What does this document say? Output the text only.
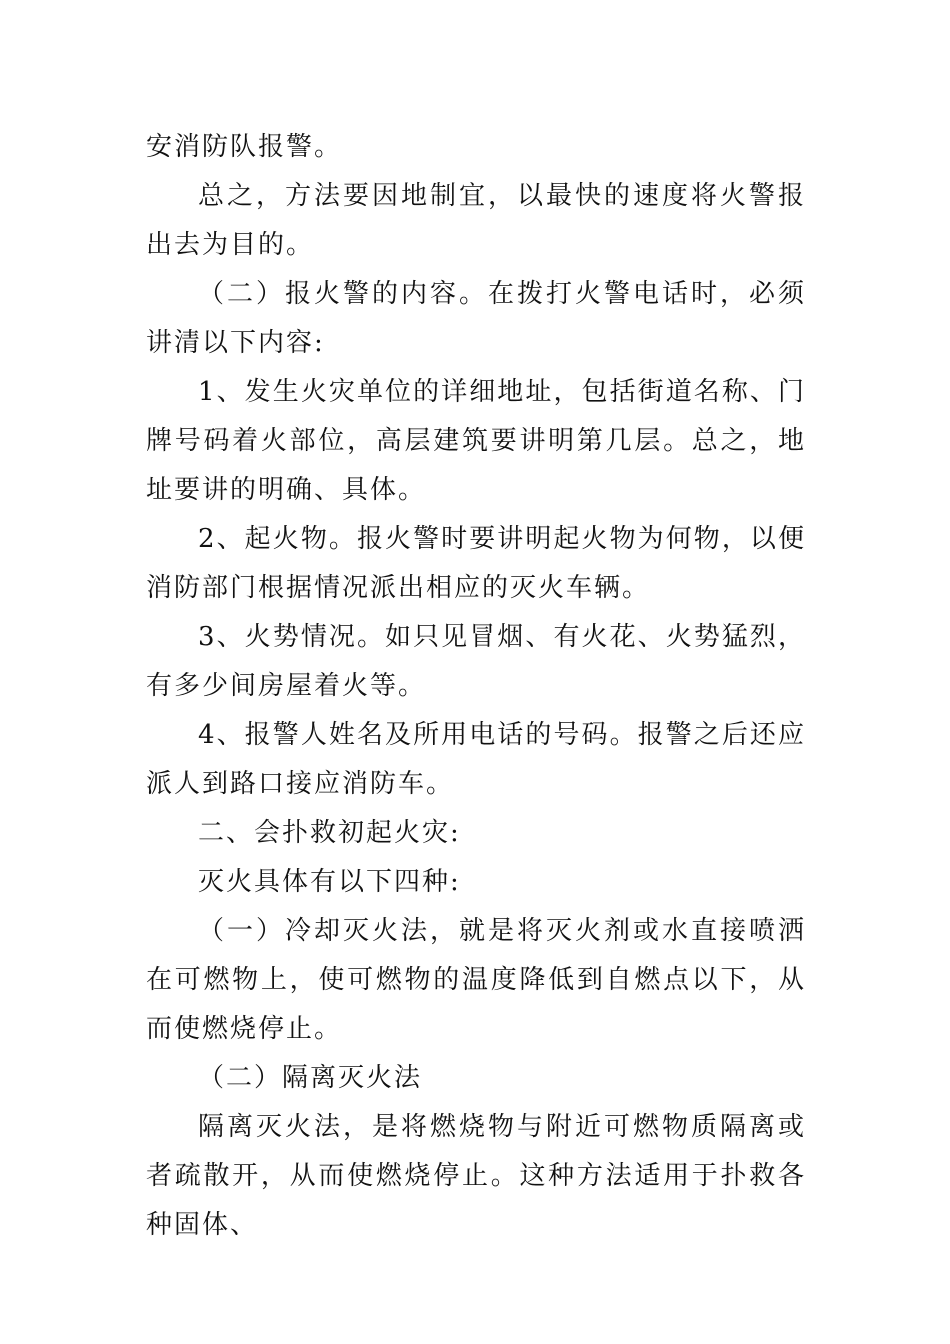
安消防队报警。

总之，方法要因地制宜，以最快的速度将火警报出去为目的。

（二）报火警的内容。在拨打火警电话时，必须讲清以下内容:

1、发生火灾单位的详细地址，包括街道名称、门牌号码着火部位，高层建筑要讲明第几层。总之，地址要讲的明确、具体。

2、起火物。报火警时要讲明起火物为何物，以便消防部门根据情况派出相应的灭火车辆。

3、火势情况。如只见冒烟、有火花、火势猛烈，有多少间房屋着火等。

4、报警人姓名及所用电话的号码。报警之后还应派人到路口接应消防车。

二、会扑救初起火灾:

灭火具体有以下四种:

（一）冷却灭火法，就是将灭火剂或水直接喷洒在可燃物上，使可燃物的温度降低到自燃点以下，从而使燃烧停止。

（二）隔离灭火法

隔离灭火法，是将燃烧物与附近可燃物质隔离或者疏散开，从而使燃烧停止。这种方法适用于扑救各种固体、
